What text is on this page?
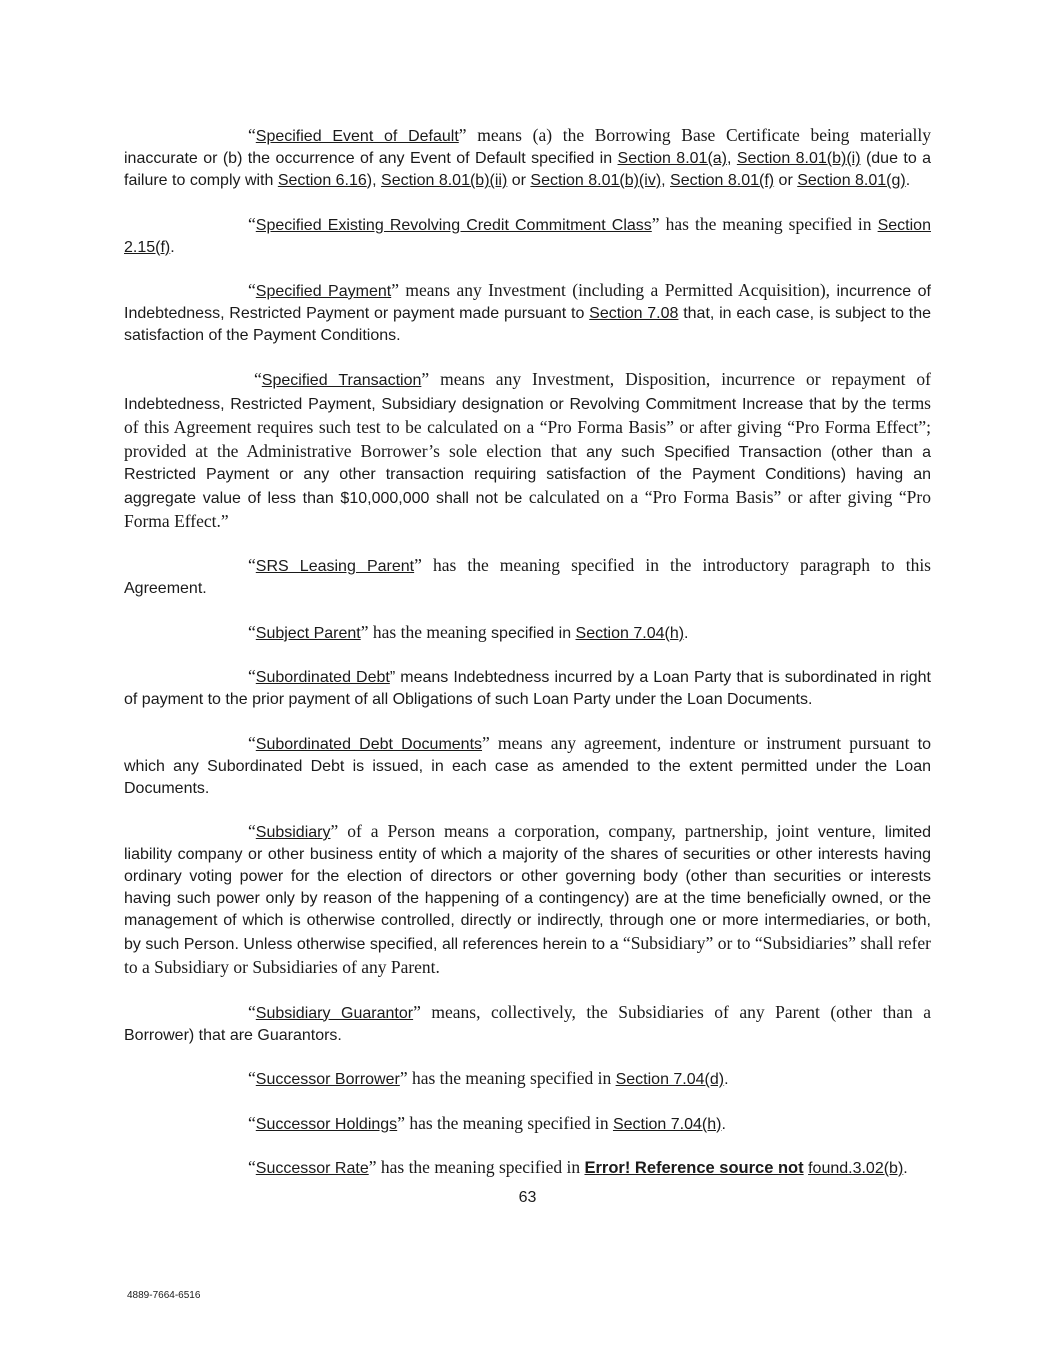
“Specified Event of Default” means (a) the Borrowing Base Certificate being materially inaccurate or (b) the occurrence of any Event of Default specified in Section 8.01(a), Section 8.01(b)(i) (due to a failure to comply with Section 6.16), Section 8.01(b)(ii) or Section 8.01(b)(iv), Section 8.01(f) or Section 8.01(g).

“Specified Existing Revolving Credit Commitment Class” has the meaning specified in Section 2.15(f).

“Specified Payment” means any Investment (including a Permitted Acquisition), incurrence of Indebtedness, Restricted Payment or payment made pursuant to Section 7.08 that, in each case, is subject to the satisfaction of the Payment Conditions.

“Specified Transaction” means any Investment, Disposition, incurrence or repayment of Indebtedness, Restricted Payment, Subsidiary designation or Revolving Commitment Increase that by the terms of this Agreement requires such test to be calculated on a “Pro Forma Basis” or after giving “Pro Forma Effect”; provided at the Administrative Borrower’s sole election that any such Specified Transaction (other than a Restricted Payment or any other transaction requiring satisfaction of the Payment Conditions) having an aggregate value of less than $10,000,000 shall not be calculated on a “Pro Forma Basis” or after giving “Pro Forma Effect.”

“SRS Leasing Parent” has the meaning specified in the introductory paragraph to this Agreement.

“Subject Parent” has the meaning specified in Section 7.04(h).

“Subordinated Debt” means Indebtedness incurred by a Loan Party that is subordinated in right of payment to the prior payment of all Obligations of such Loan Party under the Loan Documents.

“Subordinated Debt Documents” means any agreement, indenture or instrument pursuant to which any Subordinated Debt is issued, in each case as amended to the extent permitted under the Loan Documents.

“Subsidiary” of a Person means a corporation, company, partnership, joint venture, limited liability company or other business entity of which a majority of the shares of securities or other interests having ordinary voting power for the election of directors or other governing body (other than securities or interests having such power only by reason of the happening of a contingency) are at the time beneficially owned, or the management of which is otherwise controlled, directly or indirectly, through one or more intermediaries, or both, by such Person. Unless otherwise specified, all references herein to a “Subsidiary” or to “Subsidiaries” shall refer to a Subsidiary or Subsidiaries of any Parent.

“Subsidiary Guarantor” means, collectively, the Subsidiaries of any Parent (other than a Borrower) that are Guarantors.

“Successor Borrower” has the meaning specified in Section 7.04(d).

“Successor Holdings” has the meaning specified in Section 7.04(h).

“Successor Rate” has the meaning specified in Error! Reference source not found.3.02(b).

63
4889-7664-6516
